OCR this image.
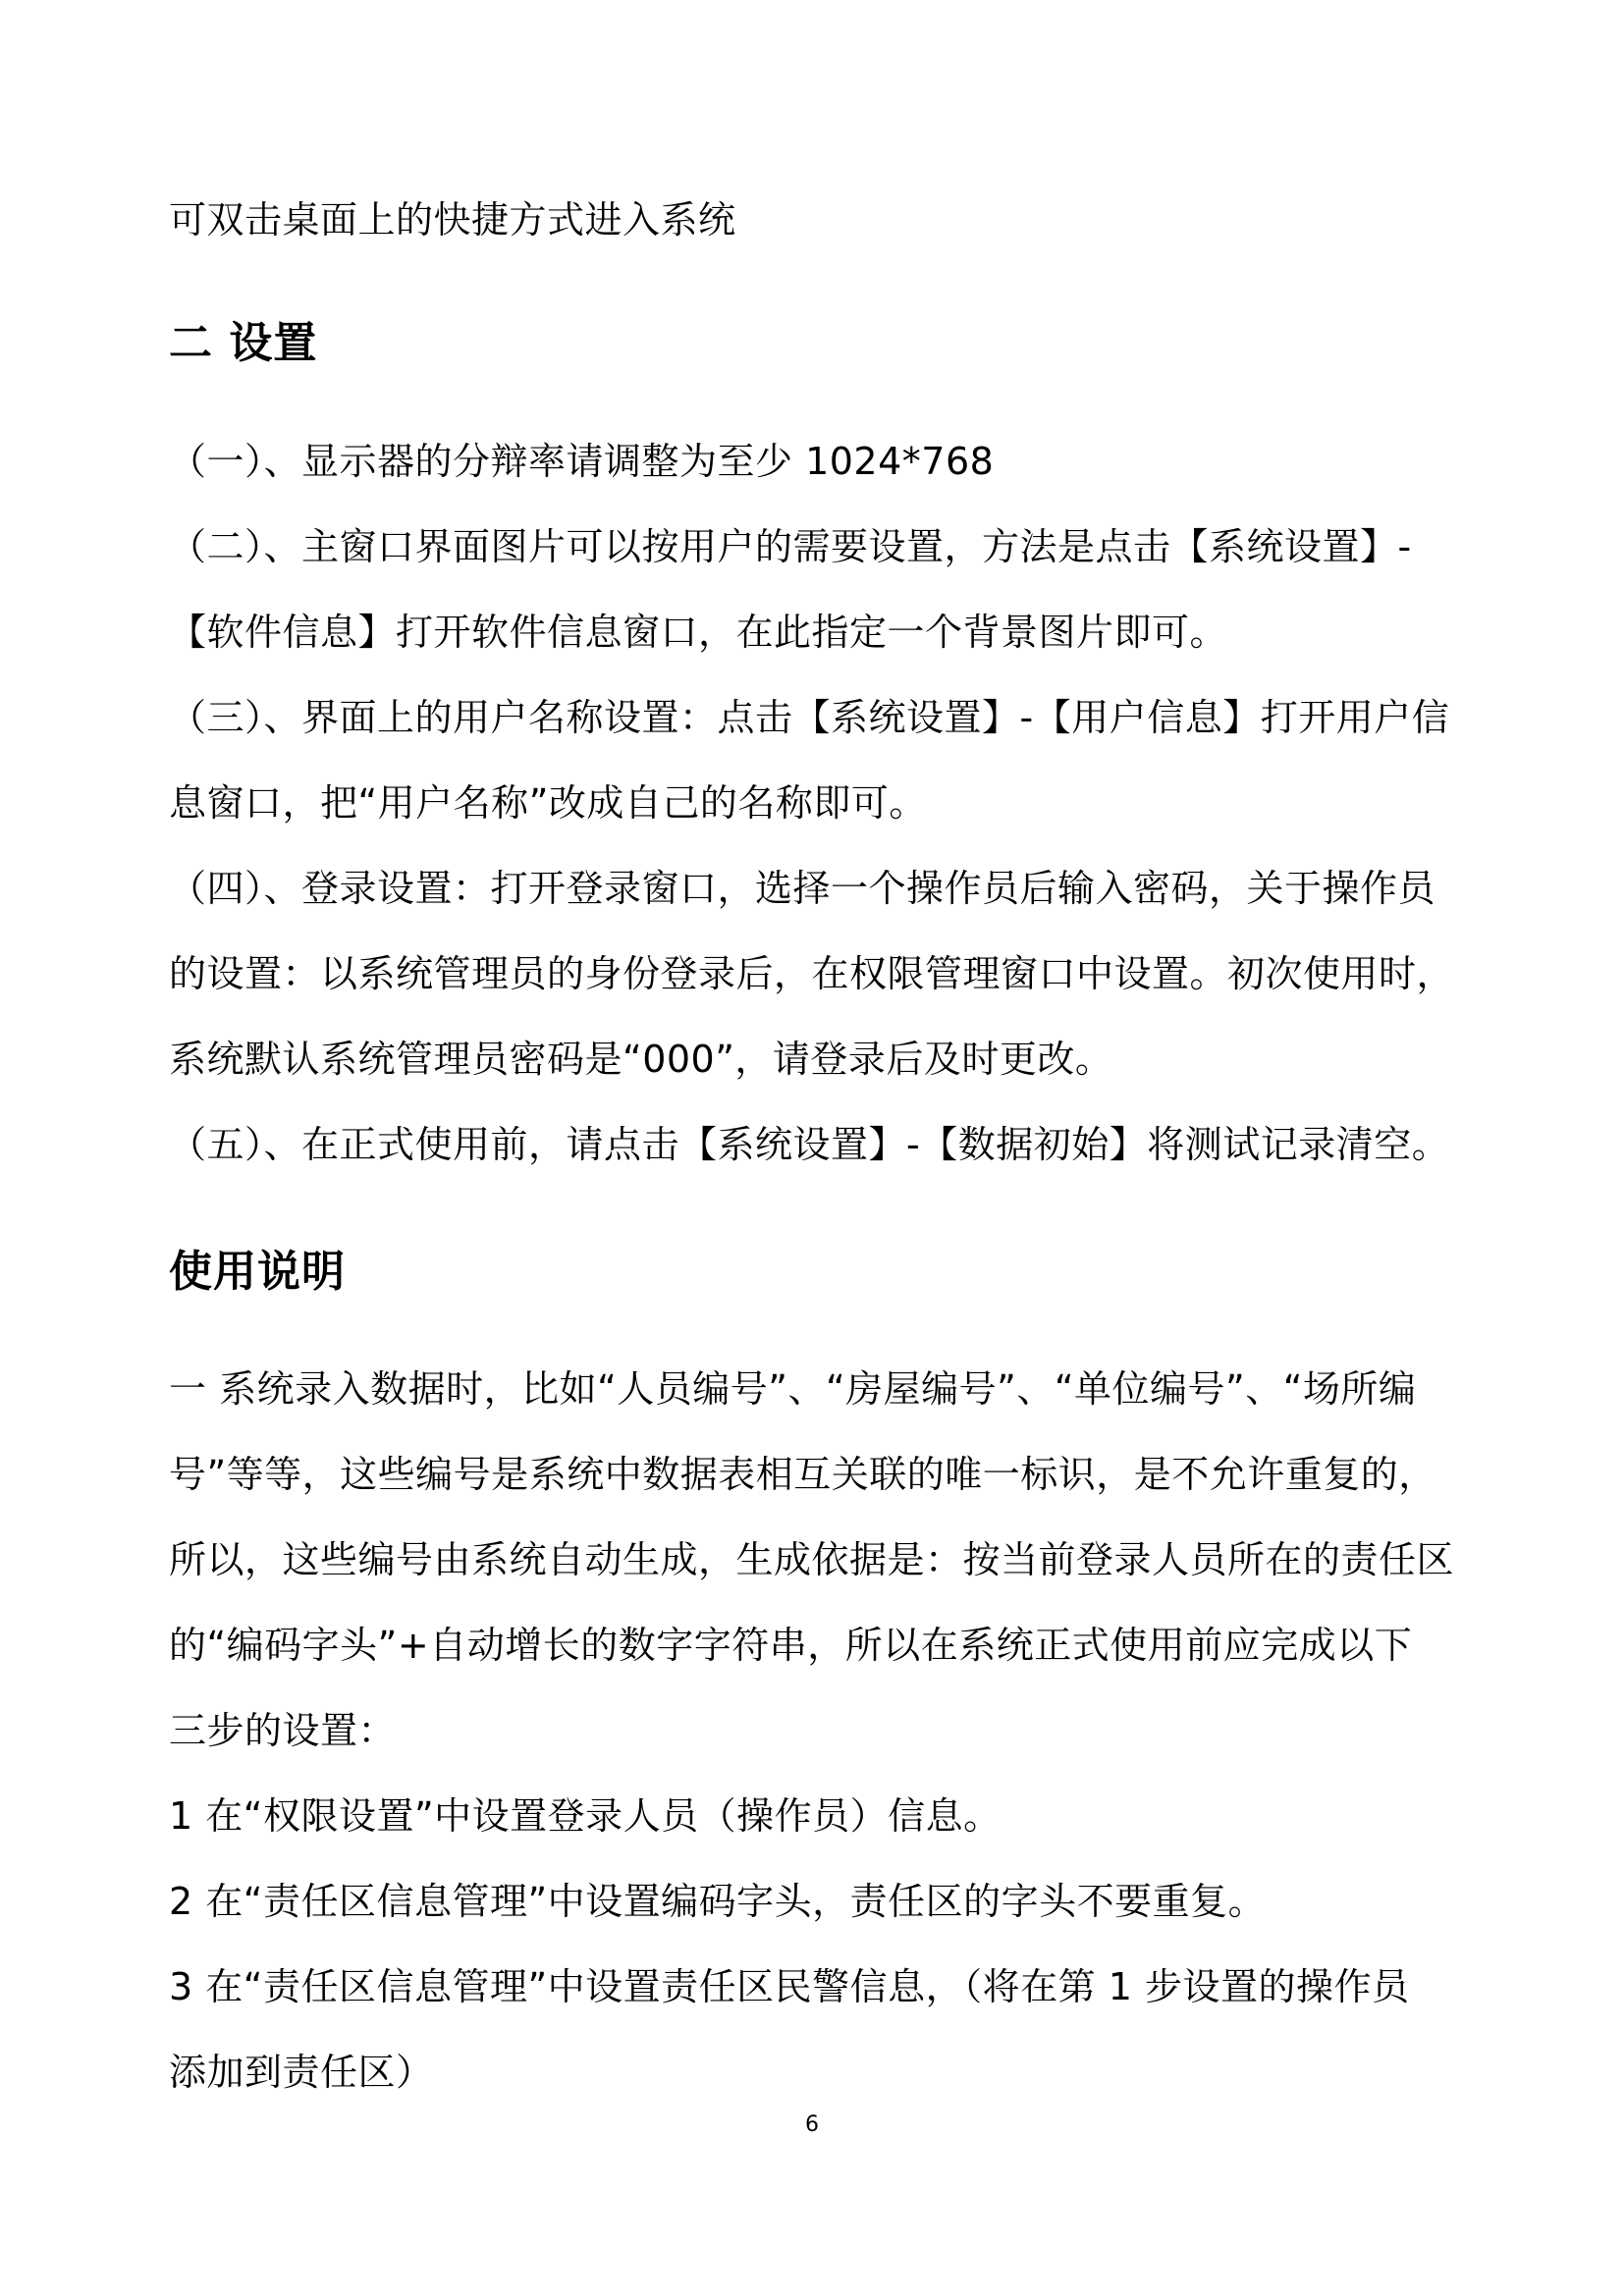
可双击桌面上的快捷方式进入系统
二 设置
（一）、显示器的分辩率请调整为至少 1024*768
（二）、主窗口界面图片可以按用户的需要设置，方法是点击【系统设置】-
【软件信息】打开软件信息窗口，在此指定一个背景图片即可。
（三）、界面上的用户名称设置：点击【系统设置】-【用户信息】打开用户信
息窗口，把“用户名称”改成自己的名称即可。
（四）、登录设置：打开登录窗口，选择一个操作员后输入密码，关于操作员
的设置：以系统管理员的身份登录后，在权限管理窗口中设置。初次使用时，
系统默认系统管理员密码是“000”，请登录后及时更改。
（五）、在正式使用前，请点击【系统设置】-【数据初始】将测试记录清空。
使用说明
一 系统录入数据时，比如“人员编号”、“房屋编号”、“单位编号”、“场所编
号”等等，这些编号是系统中数据表相互关联的唯一标识，是不允许重复的，
所以，这些编号由系统自动生成，生成依据是：按当前登录人员所在的责任区
的“编码字头”+自动增长的数字字符串，所以在系统正式使用前应完成以下
三步的设置：
1 在“权限设置”中设置登录人员（操作员）信息。
2 在“责任区信息管理”中设置编码字头，责任区的字头不要重复。
3 在“责任区信息管理”中设置责任区民警信息，（将在第 1 步设置的操作员
添加到责任区）
6
